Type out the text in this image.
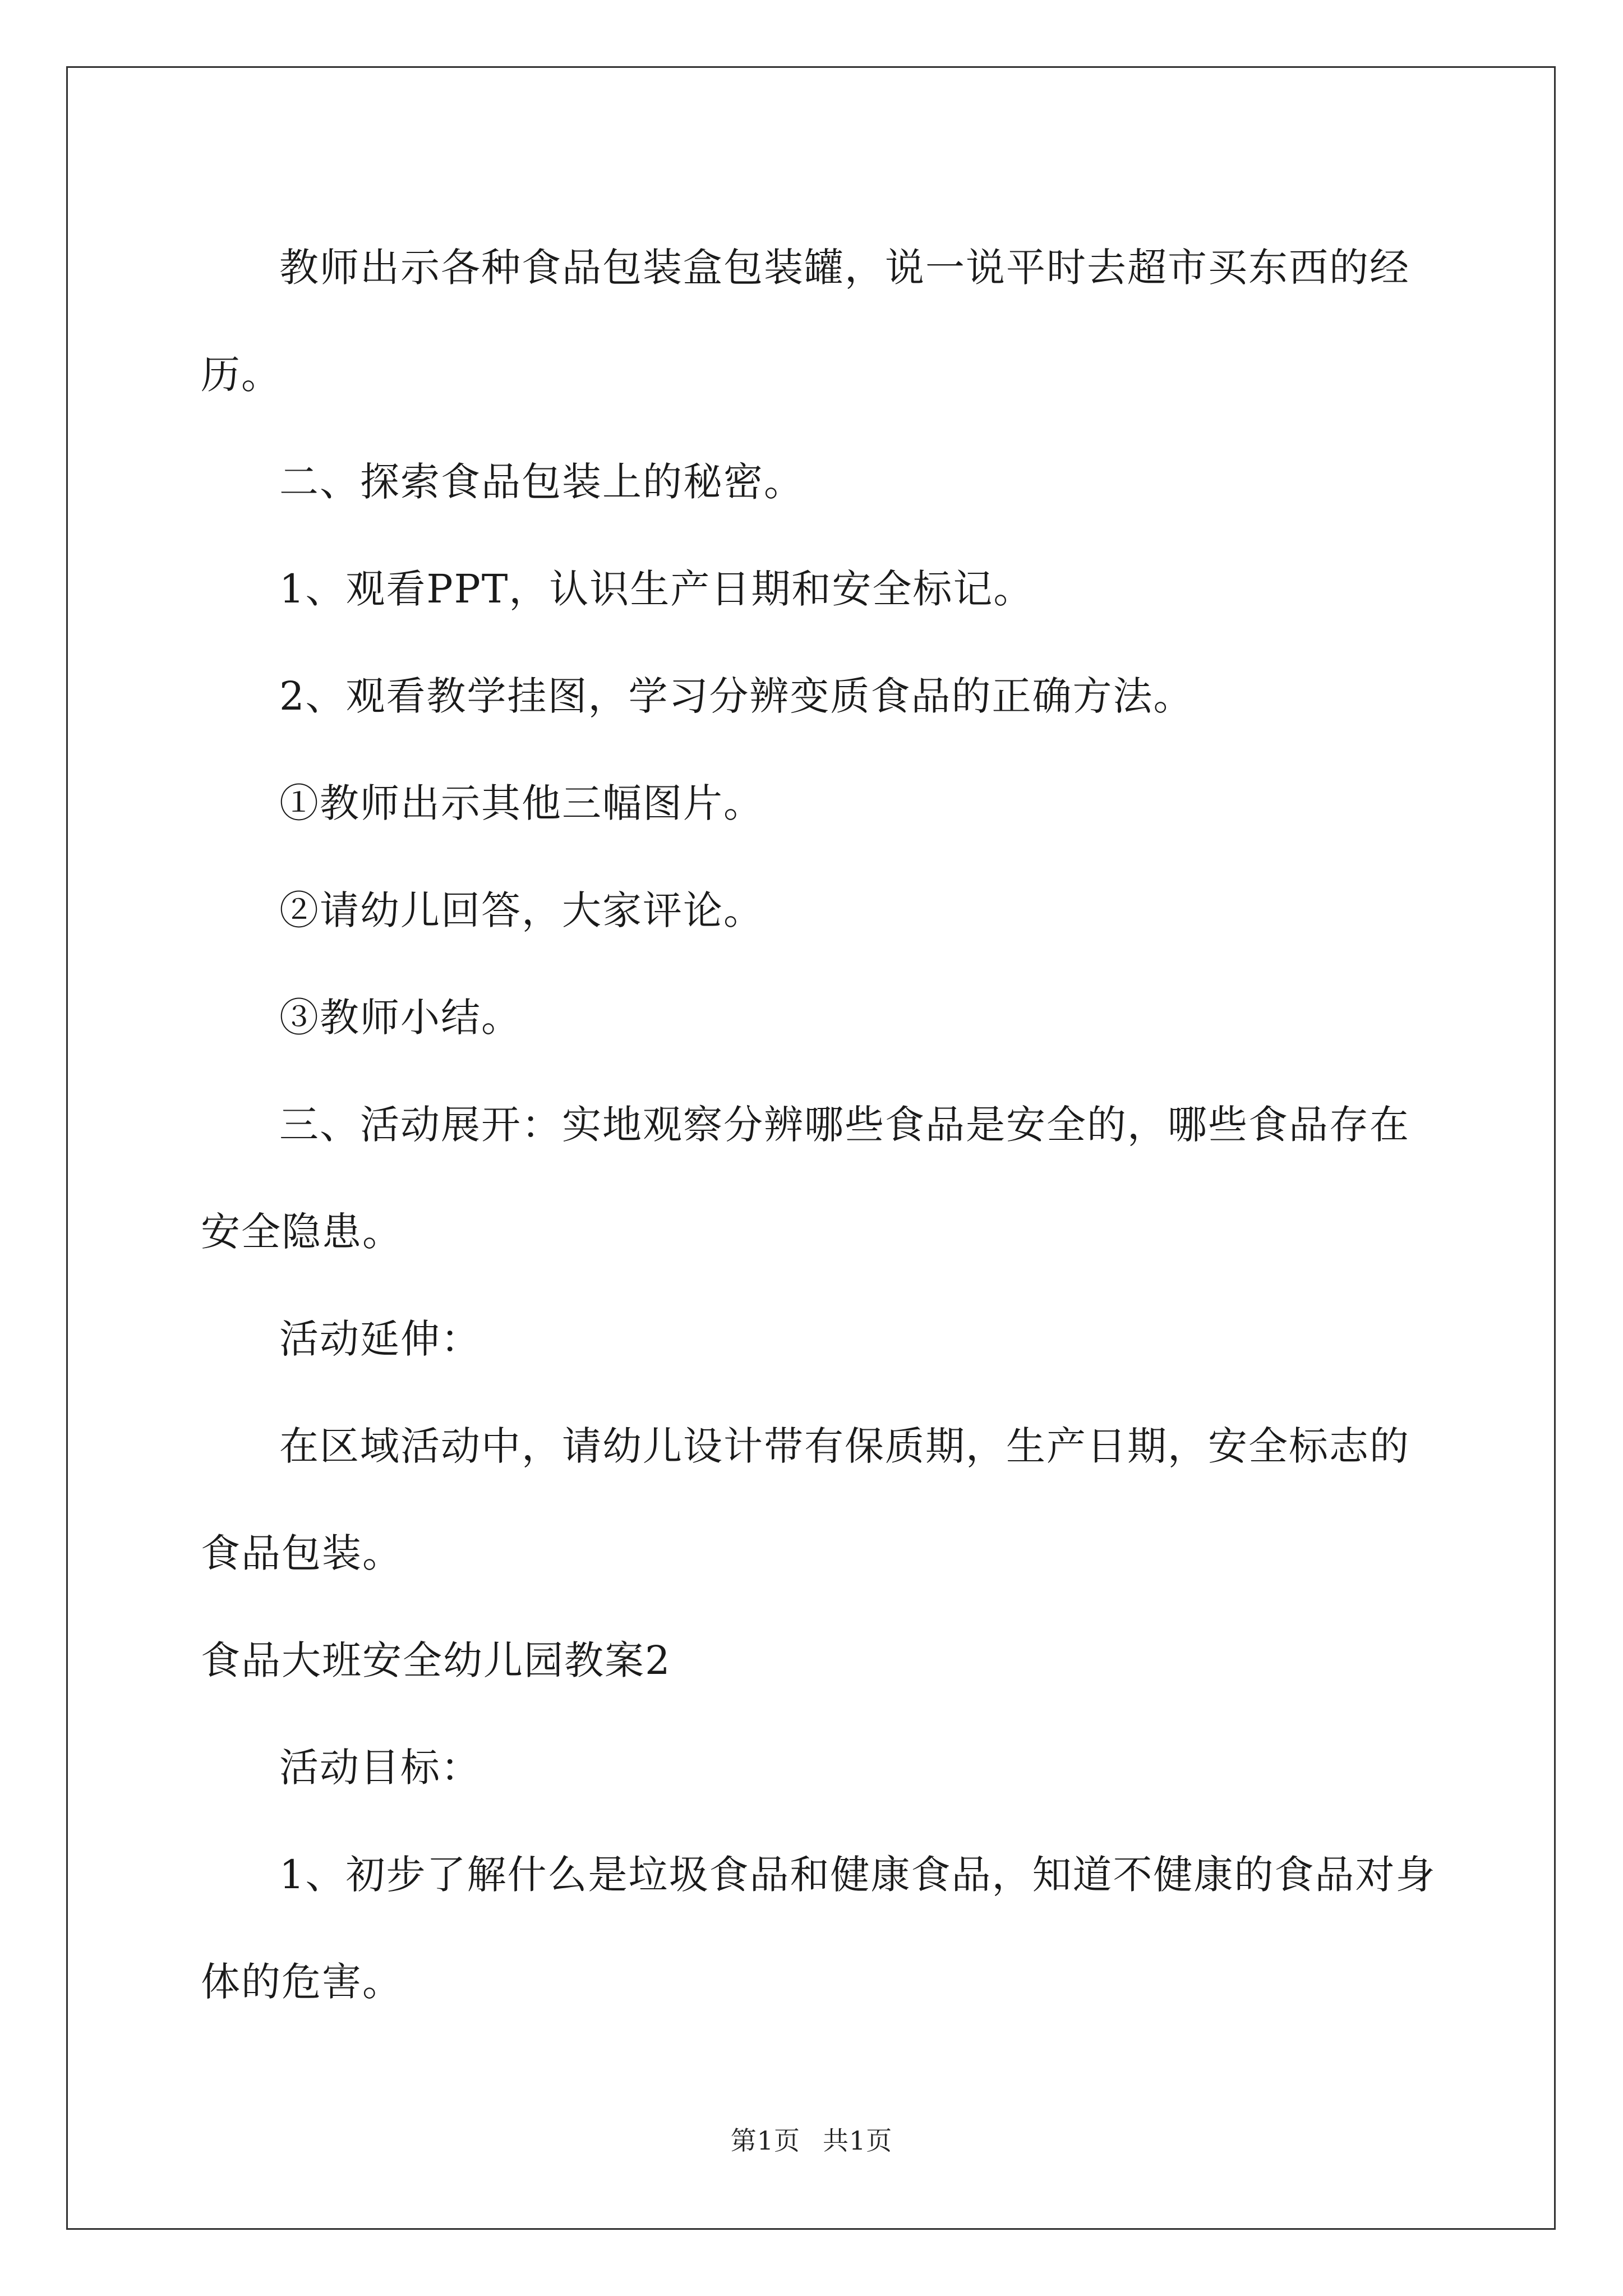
教师出示各种食品包装盒包装罐，说一说平时去超市买东西的经

历。

二、探索食品包装上的秘密。

1、观看PPT，认识生产日期和安全标记。

2、观看教学挂图，学习分辨变质食品的正确方法。

①教师出示其他三幅图片。

②请幼儿回答，大家评论。

③教师小结。

三、活动展开：实地观察分辨哪些食品是安全的，哪些食品存在

安全隐患。

活动延伸：

在区域活动中，请幼儿设计带有保质期，生产日期，安全标志的

食品包装。

食品大班安全幼儿园教案2

活动目标：

1、初步了解什么是垃圾食品和健康食品，知道不健康的食品对身

体的危害。

第1页 共1页
